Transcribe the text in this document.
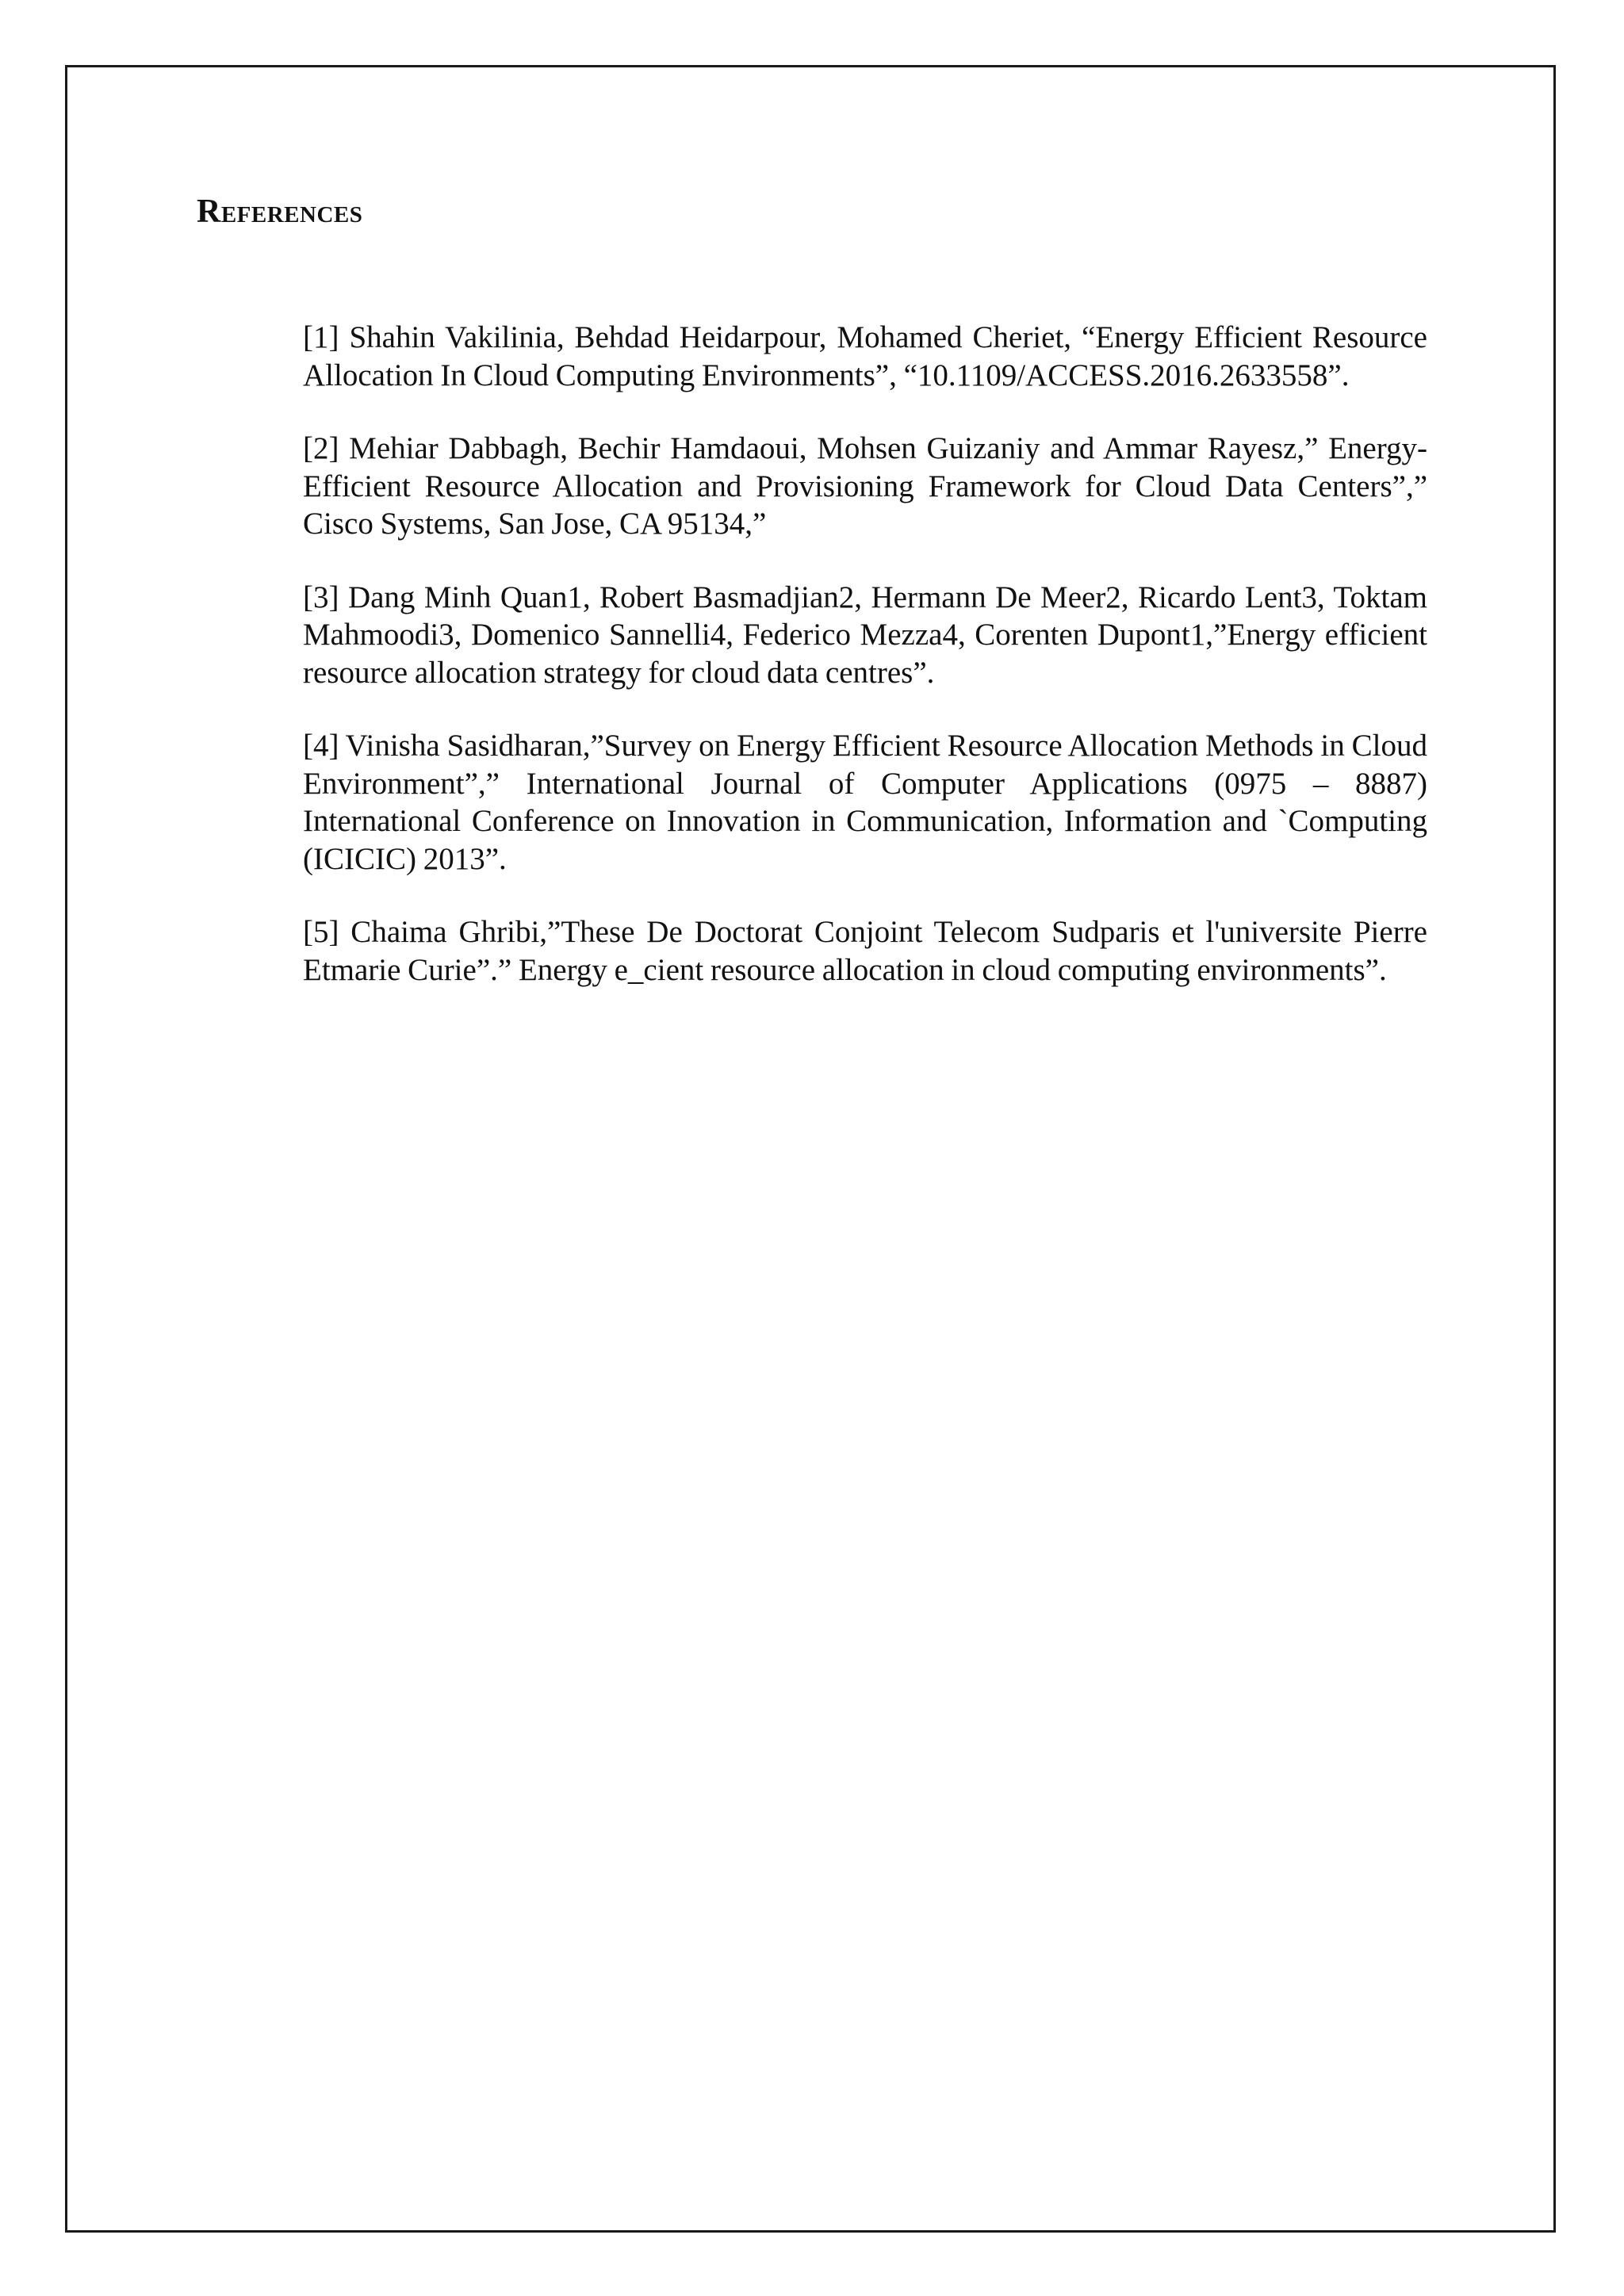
References
[1] Shahin Vakilinia, Behdad Heidarpour, Mohamed Cheriet, “Energy Efficient Resource Allocation In Cloud Computing Environments”, “10.1109/ACCESS.2016.2633558”.
[2] Mehiar Dabbagh, Bechir Hamdaoui, Mohsen Guizaniy and Ammar Rayesz,” Energy-Efficient Resource Allocation and Provisioning Framework for Cloud Data Centers”,” Cisco Systems, San Jose, CA 95134,”
[3] Dang Minh Quan1, Robert Basmadjian2, Hermann De Meer2, Ricardo Lent3, Toktam Mahmoodi3, Domenico Sannelli4, Federico Mezza4, Corenten Dupont1,”Energy efficient resource allocation strategy for cloud data centres”.
[4] Vinisha Sasidharan,”Survey on Energy Efficient Resource Allocation Methods in Cloud Environment”,” International Journal of Computer Applications (0975 – 8887) International Conference on Innovation in Communication, Information and `Computing (ICICIC) 2013”.
[5] Chaima Ghribi,”These De Doctorat Conjoint Telecom Sudparis et l'universite Pierre Etmarie Curie”.” Energy e_cient resource allocation in cloud computing environments”.
